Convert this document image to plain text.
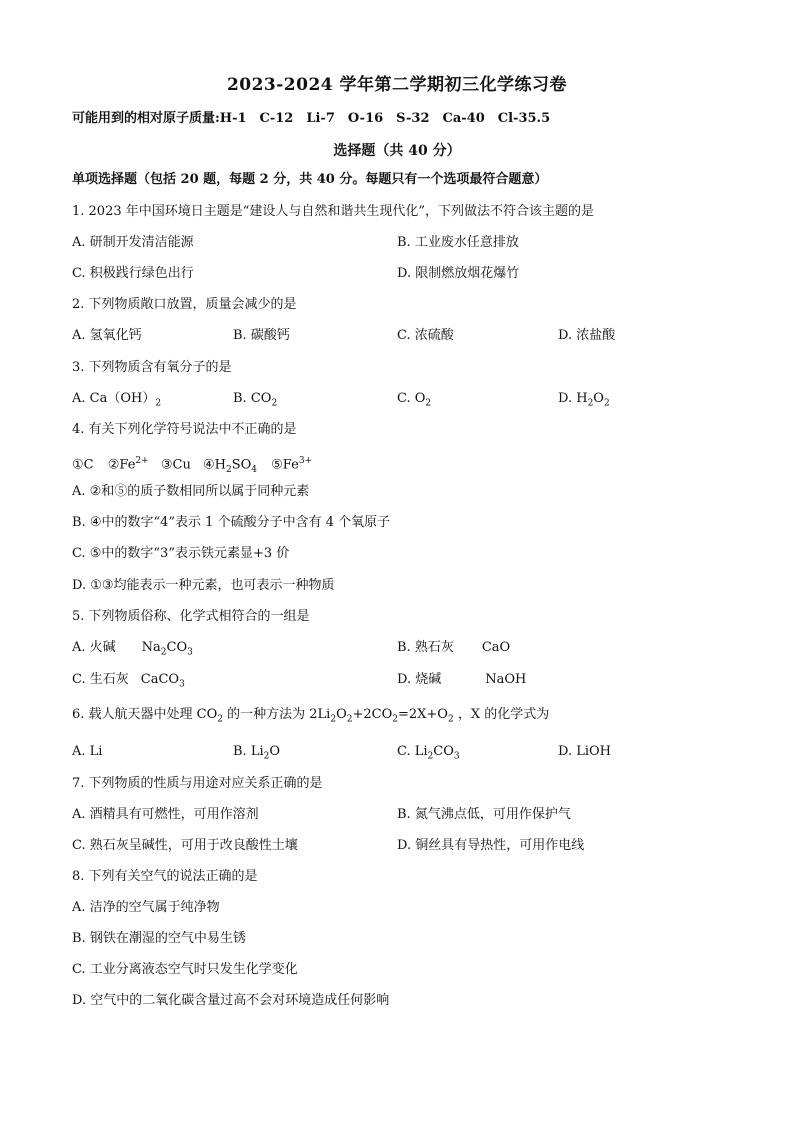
2023-2024 学年第二学期初三化学练习卷
可能用到的相对原子质量:H-1　C-12　Li-7　O-16　S-32　Ca-40　Cl-35.5
选择题（共 40 分）
单项选择题（包括 20 题，每题 2 分，共 40 分。每题只有一个选项最符合题意）
1. 2023 年中国环境日主题是“建设人与自然和谐共生现代化”，下列做法不符合该主题的是
A. 研制开发清洁能源	B. 工业废水任意排放
C. 积极践行绿色出行	D. 限制燃放烟花爆竹
2. 下列物质敞口放置，质量会减少的是
A. 氢氧化钙	B. 碳酸钙	C. 浓硫酸	D. 浓盐酸
3. 下列物质含有氧分子的是
A. $Ca(OH)_2$	B. $CO_2$	C. $O_2$	D. $H_2O_2$
4. 有关下列化学符号说法中不正确的是
①C $②Fe^{2+}$ ③Cu $④H_2SO_4$ $⑤Fe^{3+}$
A. ②和⑤的质子数相同所以属于同种元素
B. ④中的数字“4”表示 1 个硫酸分子中含有 4 个氧原子
C. ⑤中的数字“3”表示铁元素显+3 价
D. ①③均能表示一种元素，也可表示一种物质
5. 下列物质俗称、化学式相符合的一组是
A. 火碱 $Na_2CO_3$	B. 熟石灰 CaO
C. 生石灰 CaCO$_3$	D. 烧碱	NaOH
6. 载人航天器中处理 $CO_2$ 的一种方法为 $2Li_2O_2+2CO_2=2X+O_2$ ，X 的化学式为
A. Li	B. $Li_2O$	C. $Li_2CO_3$	D. LiOH
7. 下列物质的性质与用途对应关系正确的是
A. 酒精具有可燃性，可用作溶剂	B. 氮气沸点低，可用作保护气
C. 熟石灰呈碱性，可用于改良酸性土壤	D. 铜丝具有导热性，可用作电线
8. 下列有关空气的说法正确的是
A. 洁净的空气属于纯净物
B. 钢铁在潮湿的空气中易生锈
C. 工业分离液态空气时只发生化学变化
D. 空气中的二氧化碳含量过高不会对环境造成任何影响
